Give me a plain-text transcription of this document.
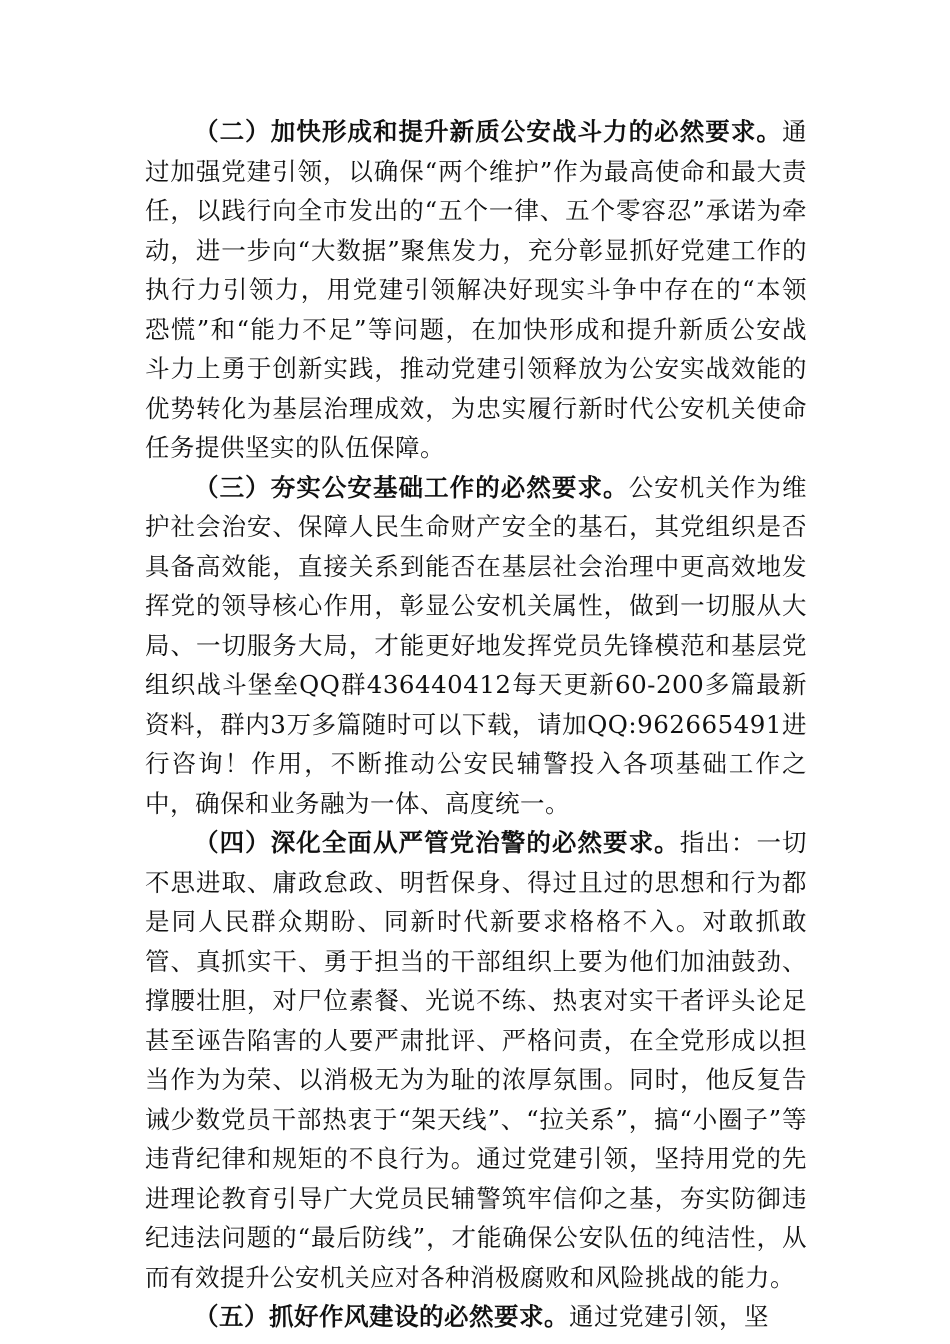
（二）加快形成和提升新质公安战斗力的必然要求。通过加强党建引领，以确保“两个维护”作为最高使命和最大责任，以践行向全市发出的“五个一律、五个零容忍”承诺为牵动，进一步向“大数据”聚焦发力，充分彰显抓好党建工作的执行力引领力，用党建引领解决好现实斗争中存在的“本领恐慌”和“能力不足”等问题，在加快形成和提升新质公安战斗力上勇于创新实践，推动党建引领释放为公安实战效能的优势转化为基层治理成效，为忠实履行新时代公安机关使命任务提供坚实的队伍保障。

（三）夯实公安基础工作的必然要求。公安机关作为维护社会治安、保障人民生命财产安全的基石，其党组织是否具备高效能，直接关系到能否在基层社会治理中更高效地发挥党的领导核心作用，彰显公安机关属性，做到一切服从大局、一切服务大局，才能更好地发挥党员先锋模范和基层党组织战斗堡垒QQ群436440412每天更新60-200多篇最新资料，群内3万多篇随时可以下载，请加QQ:962665491进行咨询！作用，不断推动公安民辅警投入各项基础工作之中，确保和业务融为一体、高度统一。

（四）深化全面从严管党治警的必然要求。指出：一切不思进取、庸政怠政、明哲保身、得过且过的思想和行为都是同人民群众期盼、同新时代新要求格格不入。对敢抓敢管、真抓实干、勇于担当的干部组织上要为他们加油鼓劲、撑腰壮胆，对尸位素餐、光说不练、热衷对实干者评头论足甚至诬告陷害的人要严肃批评、严格问责，在全党形成以担当作为为荣、以消极无为为耻的浓厚氛围。同时，他反复告诫少数党员干部热衷于“架天线”、“拉关系”，搞“小圈子”等违背纪律和规矩的不良行为。通过党建引领，坚持用党的先进理论教育引导广大党员民辅警筑牢信仰之基，夯实防御违纪违法问题的“最后防线”，才能确保公安队伍的纯洁性，从而有效提升公安机关应对各种消极腐败和风险挑战的能力。

（五）抓好作风建设的必然要求。通过党建引领，坚
